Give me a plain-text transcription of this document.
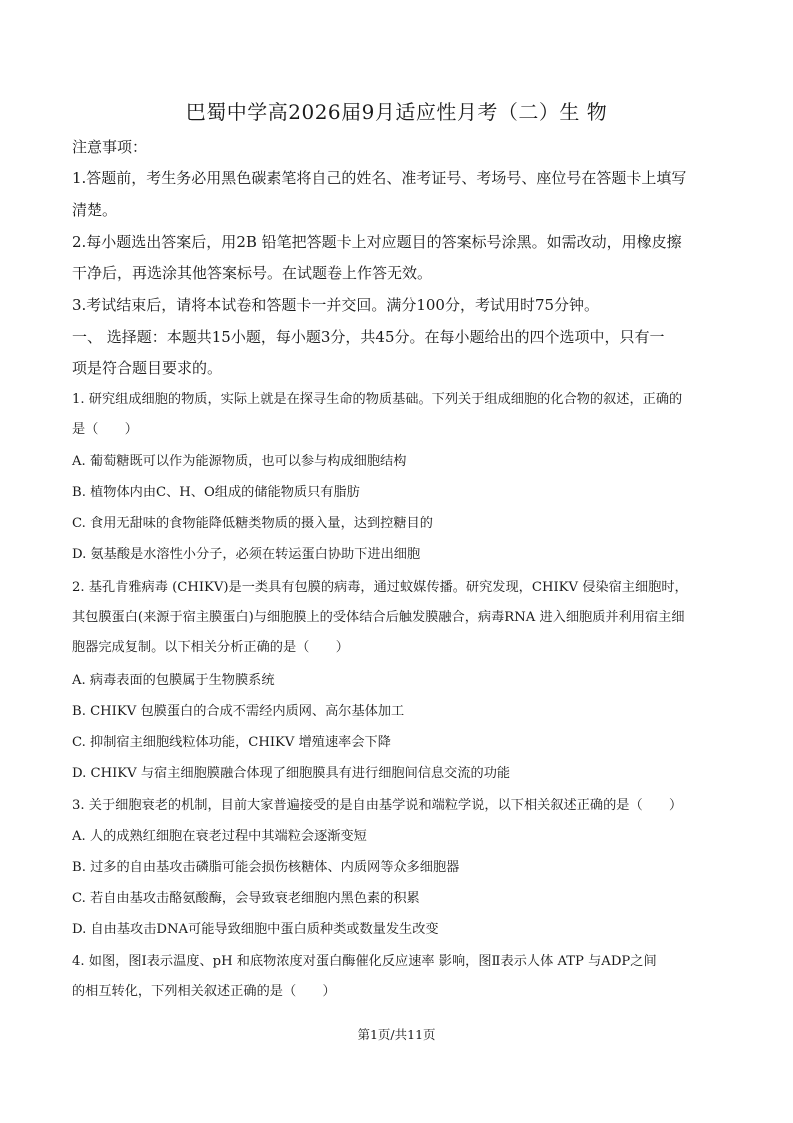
巴蜀中学高2026届9月适应性月考（二）生 物
注意事项：
1.答题前，考生务必用黑色碳素笔将自己的姓名、准考证号、考场号、座位号在答题卡上填写
清楚。
2.每小题选出答案后，用2B 铅笔把答题卡上对应题目的答案标号涂黑。如需改动，用橡皮擦
干净后，再选涂其他答案标号。在试题卷上作答无效。
3.考试结束后，请将本试卷和答题卡一并交回。满分100分，考试用时75分钟。
一、 选择题：本题共15小题，每小题3分，共45分。在每小题给出的四个选项中，只有一
项是符合题目要求的。
1. 研究组成细胞的物质，实际上就是在探寻生命的物质基础。下列关于组成细胞的化合物的叙述，正确的
是（　　）
A. 葡萄糖既可以作为能源物质，也可以参与构成细胞结构
B. 植物体内由C、H、O组成的储能物质只有脂肪
C. 食用无甜味的食物能降低糖类物质的摄入量，达到控糖目的
D. 氨基酸是水溶性小分子，必须在转运蛋白协助下进出细胞
2. 基孔肯雅病毒 (CHIKV)是一类具有包膜的病毒，通过蚊媒传播。研究发现，CHIKV 侵染宿主细胞时，
其包膜蛋白(来源于宿主膜蛋白)与细胞膜上的受体结合后触发膜融合，病毒RNA 进入细胞质并利用宿主细
胞器完成复制。以下相关分析正确的是（　　）
A. 病毒表面的包膜属于生物膜系统
B. CHIKV 包膜蛋白的合成不需经内质网、高尔基体加工
C. 抑制宿主细胞线粒体功能，CHIKV 增殖速率会下降
D. CHIKV 与宿主细胞膜融合体现了细胞膜具有进行细胞间信息交流的功能
3. 关于细胞衰老的机制，目前大家普遍接受的是自由基学说和端粒学说，以下相关叙述正确的是（　　）
A. 人的成熟红细胞在衰老过程中其端粒会逐渐变短
B. 过多的自由基攻击磷脂可能会损伤核糖体、内质网等众多细胞器
C. 若自由基攻击酪氨酸酶，会导致衰老细胞内黑色素的积累
D. 自由基攻击DNA可能导致细胞中蛋白质种类或数量发生改变
4. 如图，图Ⅰ表示温度、pH 和底物浓度对蛋白酶催化反应速率 影响，图Ⅱ表示人体 ATP 与ADP之间
的相互转化，下列相关叙述正确的是（　　）
第1页/共11页
